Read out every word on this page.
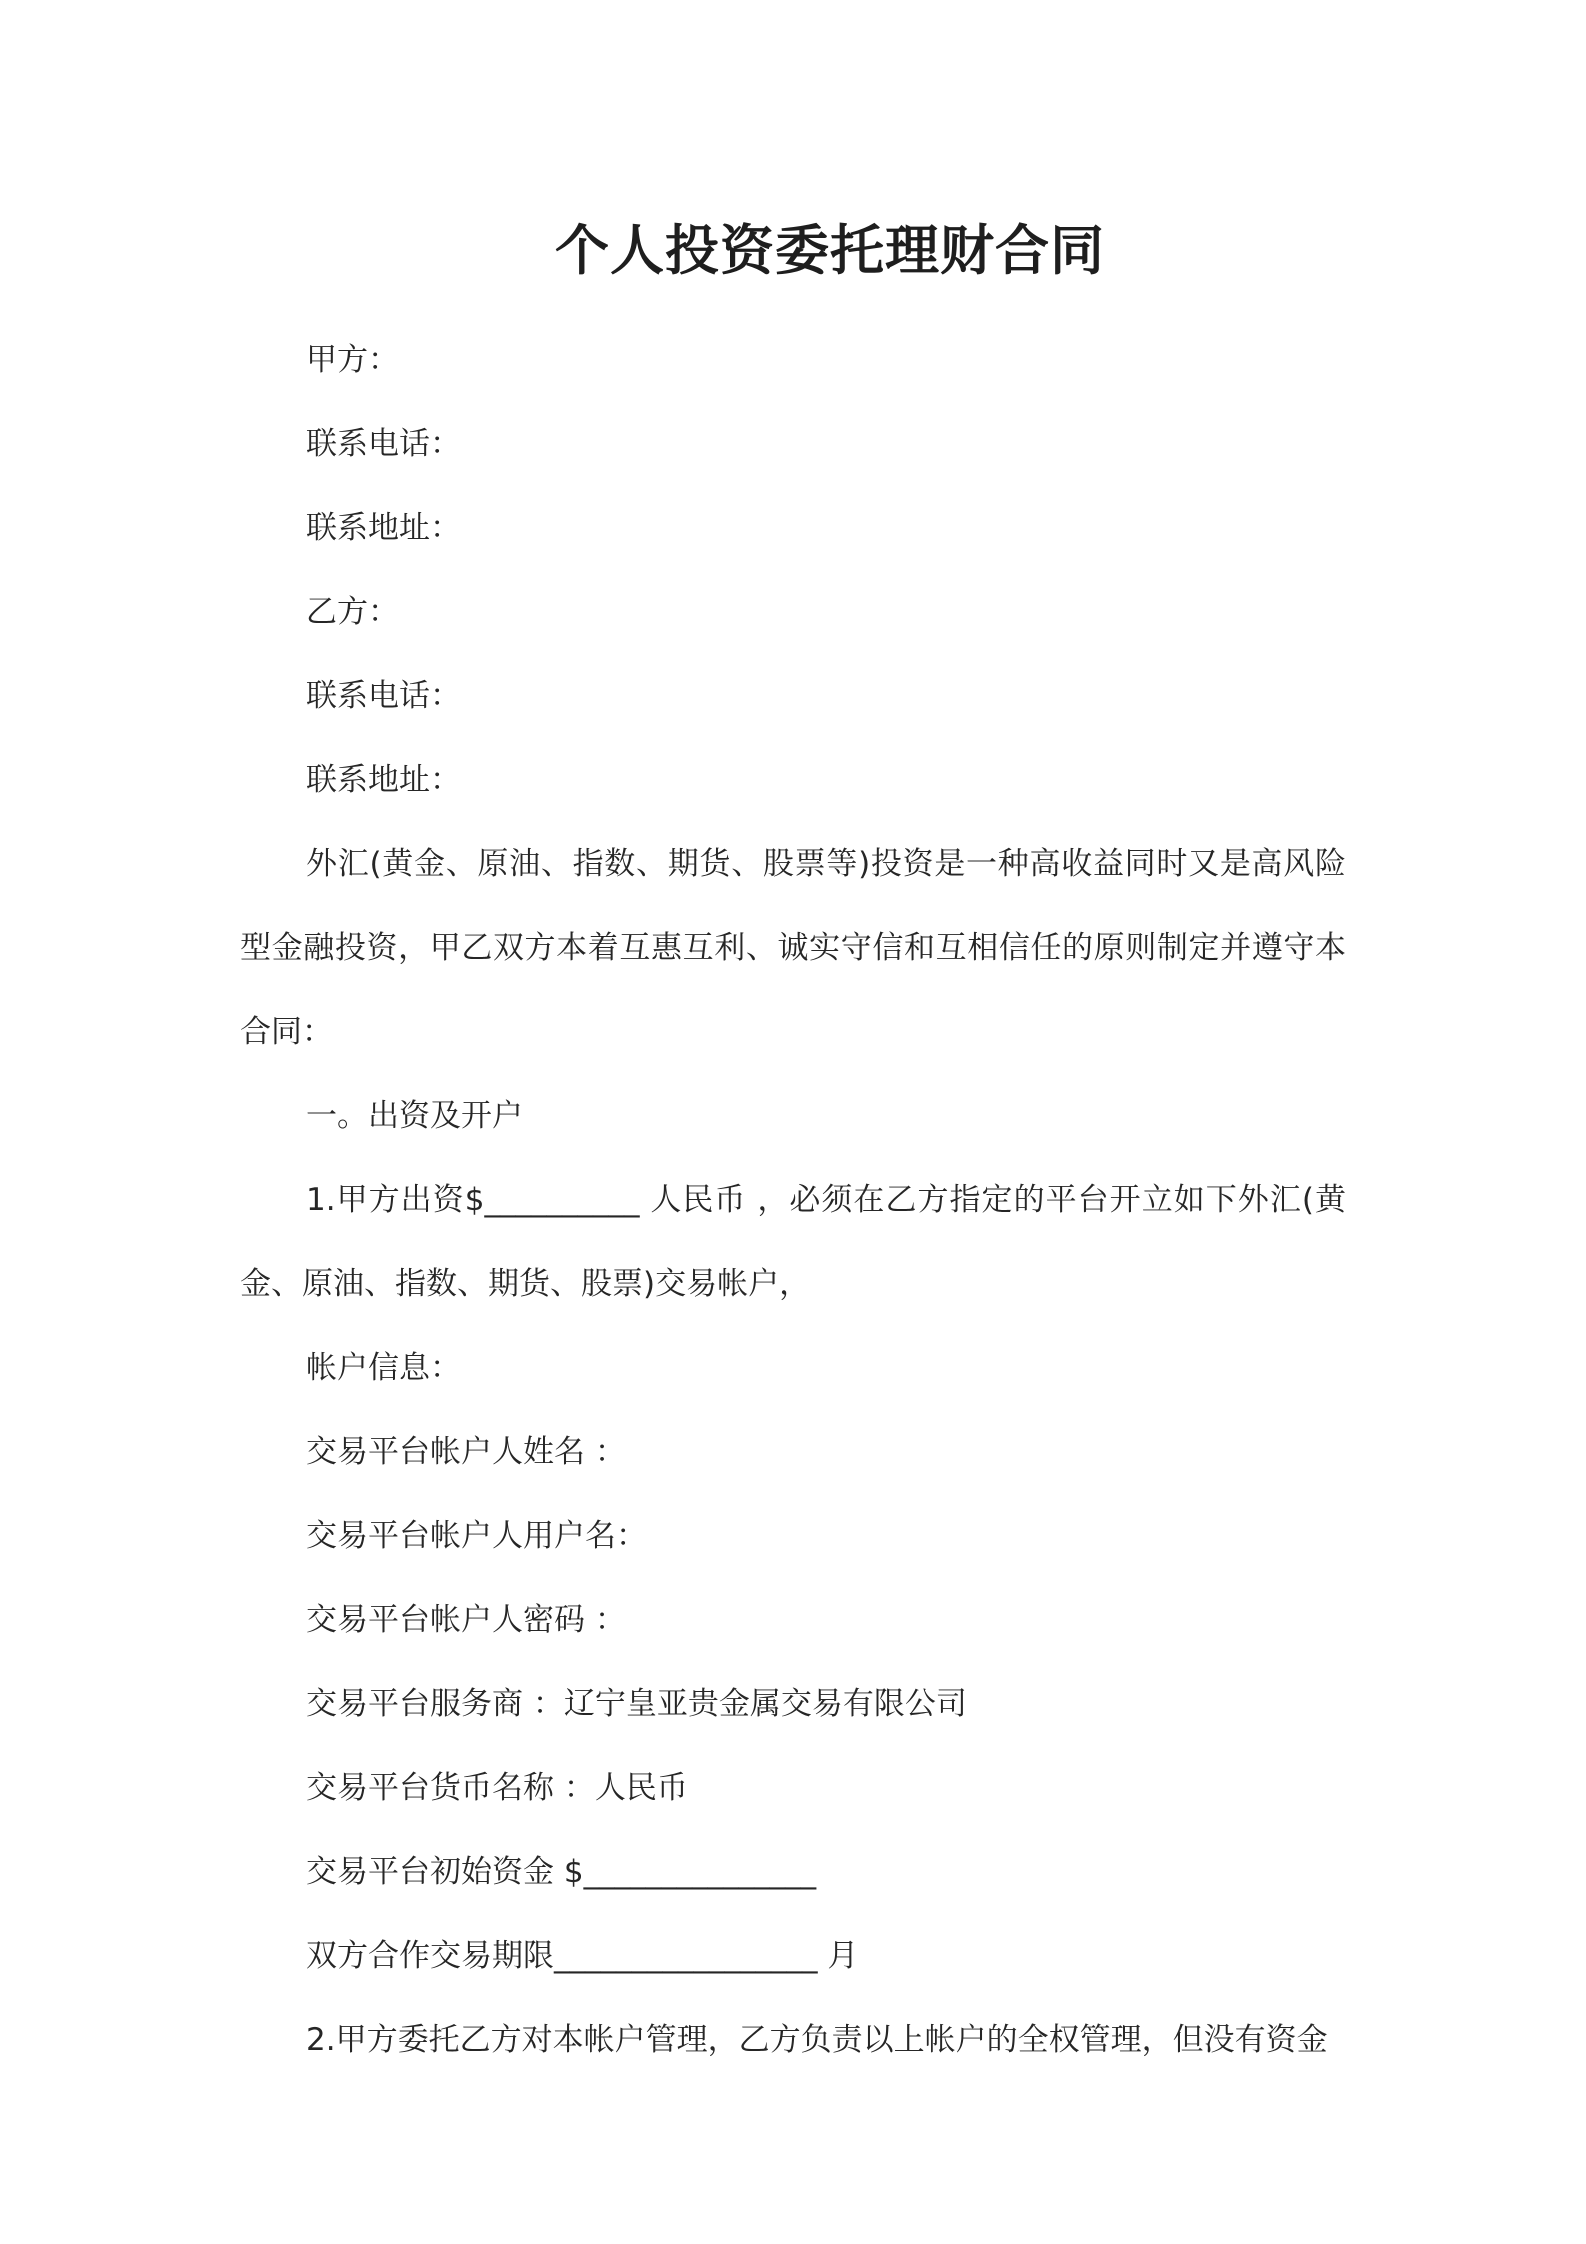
个人投资委托理财合同

甲方：

联系电话：

联系地址：

乙方：

联系电话：

联系地址：

外汇(黄金、原油、指数、期货、股票等)投资是一种高收益同时又是高风险型金融投资，甲乙双方本着互惠互利、诚实守信和互相信任的原则制定并遵守本合同：

一。出资及开户

1.甲方出资$__________ 人民币 ，必须在乙方指定的平台开立如下外汇(黄金、原油、指数、期货、股票)交易帐户，

帐户信息：

交易平台帐户人姓名 ：

交易平台帐户人用户名：

交易平台帐户人密码 ：

交易平台服务商 ：辽宁皇亚贵金属交易有限公司

交易平台货币名称 ：人民币

交易平台初始资金 $_______________

双方合作交易期限_________________ 月

2.甲方委托乙方对本帐户管理，乙方负责以上帐户的全权管理，但没有资金
